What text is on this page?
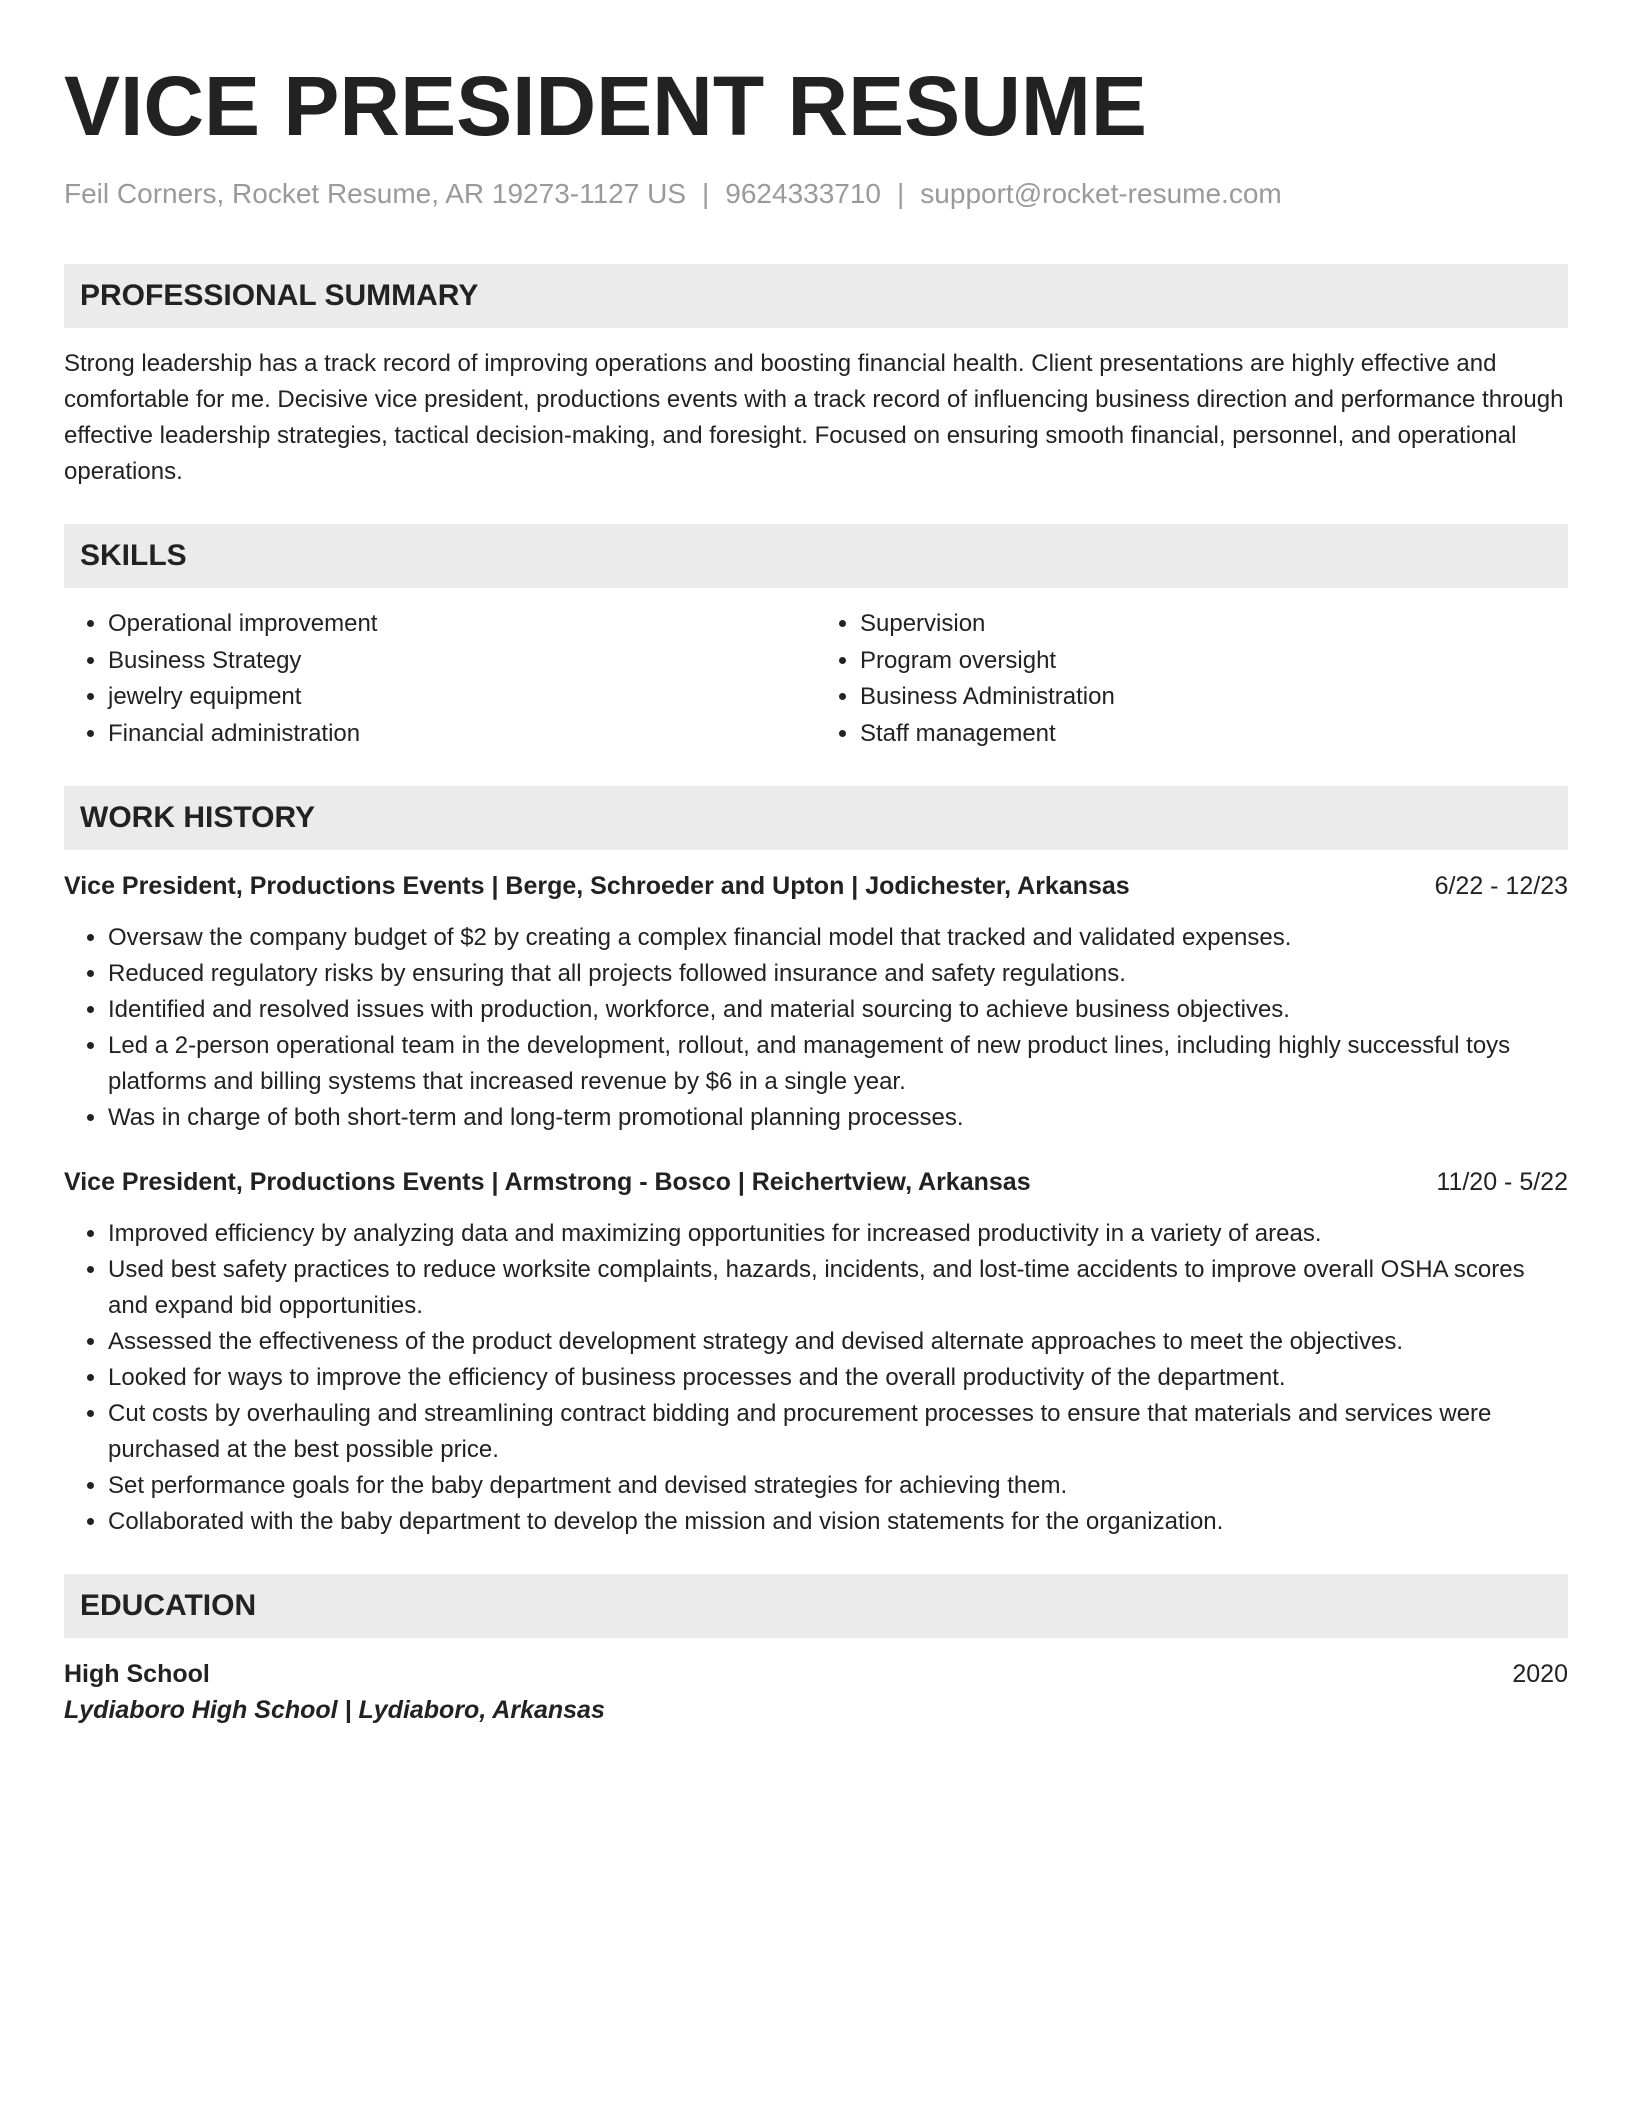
VICE PRESIDENT RESUME
Feil Corners, Rocket Resume, AR 19273-1127 US | 9624333710 | support@rocket-resume.com
PROFESSIONAL SUMMARY
Strong leadership has a track record of improving operations and boosting financial health. Client presentations are highly effective and comfortable for me. Decisive vice president, productions events with a track record of influencing business direction and performance through effective leadership strategies, tactical decision-making, and foresight. Focused on ensuring smooth financial, personnel, and operational operations.
SKILLS
• Operational improvement
• Business Strategy
• jewelry equipment
• Financial administration
• Supervision
• Program oversight
• Business Administration
• Staff management
WORK HISTORY
Vice President, Productions Events | Berge, Schroeder and Upton | Jodichester, Arkansas	6/22 - 12/23
• Oversaw the company budget of $2 by creating a complex financial model that tracked and validated expenses.
• Reduced regulatory risks by ensuring that all projects followed insurance and safety regulations.
• Identified and resolved issues with production, workforce, and material sourcing to achieve business objectives.
• Led a 2-person operational team in the development, rollout, and management of new product lines, including highly successful toys platforms and billing systems that increased revenue by $6 in a single year.
• Was in charge of both short-term and long-term promotional planning processes.
Vice President, Productions Events | Armstrong - Bosco | Reichertview, Arkansas	11/20 - 5/22
• Improved efficiency by analyzing data and maximizing opportunities for increased productivity in a variety of areas.
• Used best safety practices to reduce worksite complaints, hazards, incidents, and lost-time accidents to improve overall OSHA scores and expand bid opportunities.
• Assessed the effectiveness of the product development strategy and devised alternate approaches to meet the objectives.
• Looked for ways to improve the efficiency of business processes and the overall productivity of the department.
• Cut costs by overhauling and streamlining contract bidding and procurement processes to ensure that materials and services were purchased at the best possible price.
• Set performance goals for the baby department and devised strategies for achieving them.
• Collaborated with the baby department to develop the mission and vision statements for the organization.
EDUCATION
High School	2020
Lydiaboro High School | Lydiaboro, Arkansas
